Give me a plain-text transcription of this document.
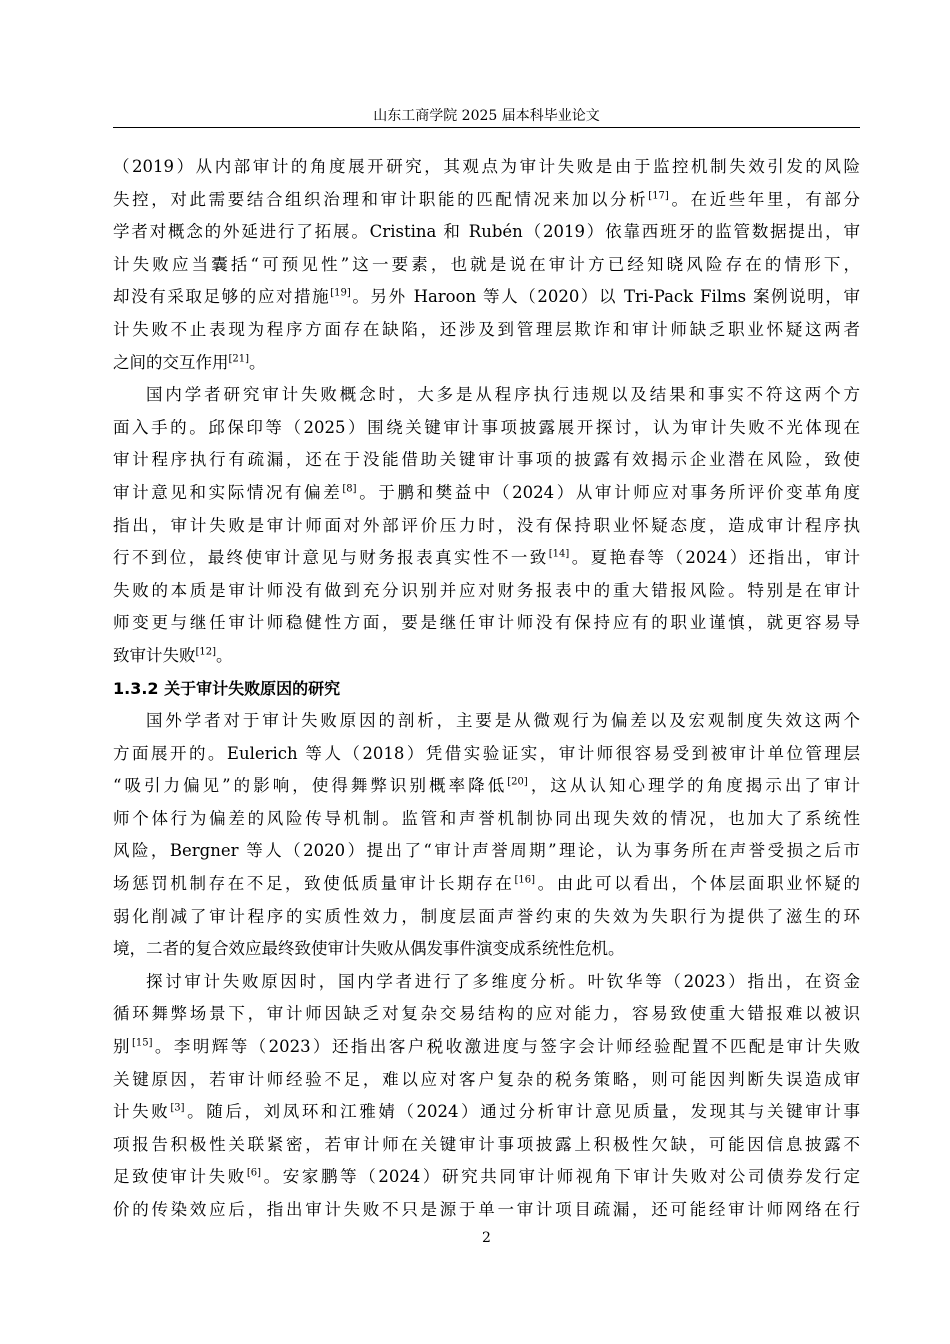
山东工商学院 2025 届本科毕业论文
（2019）从内部审计的角度展开研究，其观点为审计失败是由于监控机制失效引发的风险
失控，对此需要结合组织治理和审计职能的匹配情况来加以分析[17]。在近些年里，有部分
学者对概念的外延进行了拓展。Cristina 和 Rubén（2019）依靠西班牙的监管数据提出，审
计失败应当囊括“可预见性”这一要素，也就是说在审计方已经知晓风险存在的情形下，
却没有采取足够的应对措施[19]。另外 Haroon 等人（2020）以 Tri-Pack Films 案例说明，审
计失败不止表现为程序方面存在缺陷，还涉及到管理层欺诈和审计师缺乏职业怀疑这两者
之间的交互作用[21]。
国内学者研究审计失败概念时，大多是从程序执行违规以及结果和事实不符这两个方
面入手的。邱保印等（2025）围绕关键审计事项披露展开探讨，认为审计失败不光体现在
审计程序执行有疏漏，还在于没能借助关键审计事项的披露有效揭示企业潜在风险，致使
审计意见和实际情况有偏差[8]。于鹏和樊益中（2024）从审计师应对事务所评价变革角度
指出，审计失败是审计师面对外部评价压力时，没有保持职业怀疑态度，造成审计程序执
行不到位，最终使审计意见与财务报表真实性不一致[14]。夏艳春等（2024）还指出，审计
失败的本质是审计师没有做到充分识别并应对财务报表中的重大错报风险。特别是在审计
师变更与继任审计师稳健性方面，要是继任审计师没有保持应有的职业谨慎，就更容易导
致审计失败[12]。
1.3.2 关于审计失败原因的研究
国外学者对于审计失败原因的剖析，主要是从微观行为偏差以及宏观制度失效这两个
方面展开的。Eulerich 等人（2018）凭借实验证实，审计师很容易受到被审计单位管理层
“吸引力偏见”的影响，使得舞弊识别概率降低[20]，这从认知心理学的角度揭示出了审计
师个体行为偏差的风险传导机制。监管和声誉机制协同出现失效的情况，也加大了系统性
风险，Bergner 等人（2020）提出了“审计声誉周期”理论，认为事务所在声誉受损之后市
场惩罚机制存在不足，致使低质量审计长期存在[16]。由此可以看出，个体层面职业怀疑的
弱化削减了审计程序的实质性效力，制度层面声誉约束的失效为失职行为提供了滋生的环
境，二者的复合效应最终致使审计失败从偶发事件演变成系统性危机。
探讨审计失败原因时，国内学者进行了多维度分析。叶钦华等（2023）指出，在资金
循环舞弊场景下，审计师因缺乏对复杂交易结构的应对能力，容易致使重大错报难以被识
别[15]。李明辉等（2023）还指出客户税收激进度与签字会计师经验配置不匹配是审计失败
关键原因，若审计师经验不足，难以应对客户复杂的税务策略，则可能因判断失误造成审
计失败[3]。随后，刘凤环和江雅婧（2024）通过分析审计意见质量，发现其与关键审计事
项报告积极性关联紧密，若审计师在关键审计事项披露上积极性欠缺，可能因信息披露不
足致使审计失败[6]。安家鹏等（2024）研究共同审计师视角下审计失败对公司债券发行定
价的传染效应后，指出审计失败不只是源于单一审计项目疏漏，还可能经审计师网络在行
2
